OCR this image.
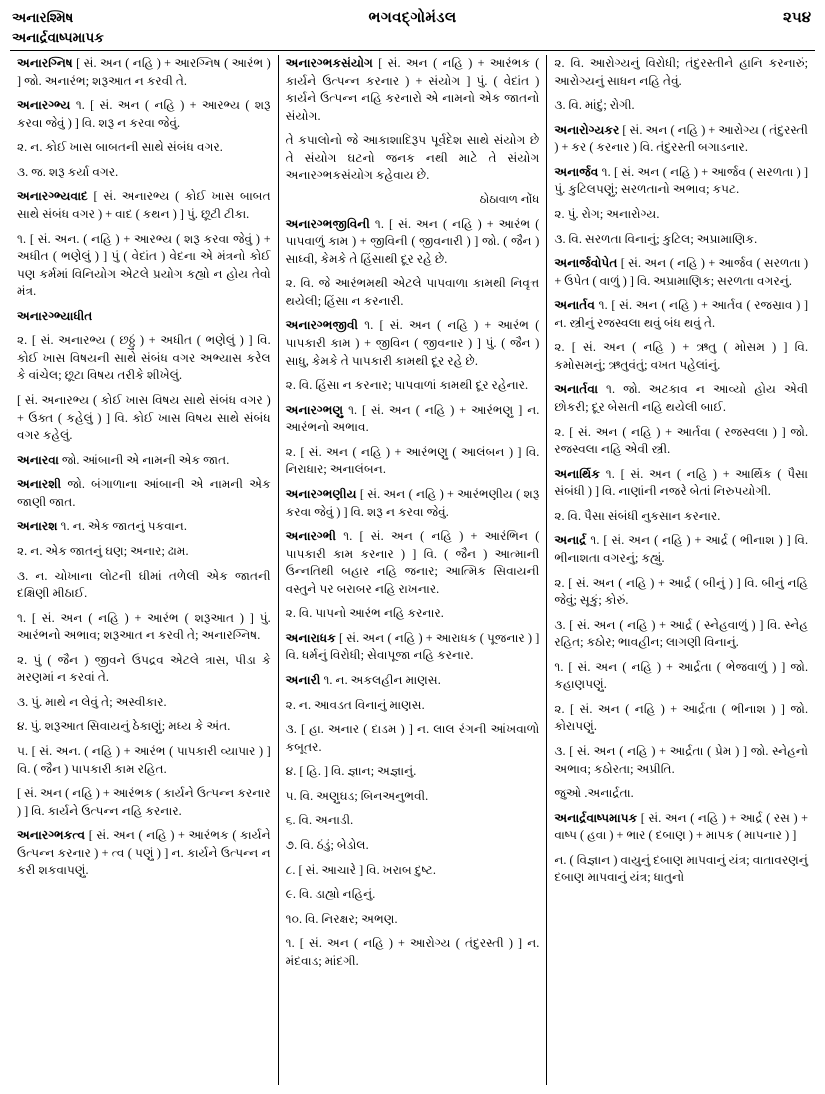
અનારશ્મિષ
અનાર્દ્રવાષ્પમાપક
ભગવદ્ગોમંડલ	૨૫૪
અનારગ્નિષ [ સં. અન ( નહિ ) + આરગ્નિષ ( આરંભ ) ] જો. અનારંભ; શરૂઆત ન કરવી તે.
અનારગ્ભ્ય ૧. [ સં. અન ( નહિ ) + આરભ્ય ( શરૂ કરવા જેવું ) ] વિ. શરૂ ન કરવા જેવું.
૨. ન. કોઈ ખાસ બાબતની સાથે સંબંધ વગર.
૩. જ. શરૂ કર્યા વગર.
અનારગ્ભ્યવાદ [ સં. અનારભ્ય ( કોઈ ખાસ બાબત સાથે સંબંધ વગર ) + વાદ ( કથન ) ] પું. છૂટી ટીકા.
૧. [ સં. અન. ( નહિ ) + આરભ્ય ( શરૂ કરવા જેવું ) + અધીત ( ભણેલું ) ] પું ( વેદાંત ) વેદના એ મંત્રનો કોઈ પણ કર્મમાં વિનિયોગ એટલે પ્રયોગ કહ્યો ન હોય તેવો મંત્ર.
અનારગ્ભ્યાધીત
૨. [ સં. અનારભ્ય ( છઠ્ઠું ) + અધીત ( ભણેલું ) ] વિ. કોઈ ખાસ વિષયની સાથે સંબંધ વગર અભ્યાસ કરેલ કે વાંચેલ; છૂટા વિષય તરીકે શીખેલું.
[ સં. અનારભ્ય ( કોઈ ખાસ વિષય સાથે સંબંધ વગર ) + ઉક્ત ( કહેલું ) ] વિ. કોઈ ખાસ વિષય સાથે સંબંધ વગર કહેલું.
અનારવા જો. આંબાની એ નામની એક જાત.
અનારશી જો. બંગાળાના આંબાની એ નામની એક જાણી જાત.
અનારશ ૧. ન. એક જાતનું પકવાન.
૨. ન. એક જાતનું ઘણ; અનાર; ઢામ.
૩. ન. ચોખાના લોટની ઘીમાં તળેલી એક જાતની દક્ષિણી મીઠાઈ.
૧. [ સં. અન ( નહિ ) + આરંભ ( શરૂઆત ) ] પું. આરંભનો અભાવ; શરૂઆત ન કરવી તે; અનારગ્નિષ.
૨. પું ( જૈન ) જીવને ઉપદ્રવ એટલે ત્રાસ, પીડા કે મરણમાં ન કરવાં તે.
૩. પું. માથે ન લેવું તે; અસ્વીકાર.
૪. પું. શરૂઆત સિવાયનું ઠેકાણું; મધ્ય કે અંત.
૫. [ સં. અન. ( નહિ ) + આરંભ ( પાપકારી વ્યાપાર ) ] વિ. ( જૈન ) પાપકારી કામ રહિત.
[ સં. અન ( નહિ ) + આરંભક ( કાર્યને ઉત્પન્ન કરનાર ) ] વિ. કાર્યને ઉત્પન્ન નહિ કરનાર.
અનારગ્ભકત્વ [ સં. અન ( નહિ ) + આરંભક ( કાર્યને ઉત્પન્ન કરનાર ) + ત્વ ( પણું ) ] ન. કાર્યને ઉત્પન્ન ન કરી શકવાપણું.
અનારગ્ભકસંયોગ [ સં. અન ( નહિ ) + આરંભક ( કાર્યને ઉત્પન્ન કરનાર ) + સંયોગ ] પું. ( વેદાંત ) કાર્યને ઉત્પન્ન નહિ કરનારો એ નામનો એક જાતનો સંયોગ.
તે કપાલોનો જે આકાશાદિરૂપ પૂર્વદેશ સાથે સંયોગ છે તે સંયોગ ઘટનો જનક નથી માટે તે સંયોગ અનારગ્ભકસંયોગ કહેવાય છે.
ઠોઠાવાળ નોંધ
અનારગ્ભજીવિની ૧. [ સં. અન ( નહિ ) + આરંભ ( પાપવાળું કામ ) + જીવિની ( જીવનારી ) ] જો. ( જૈન ) સાધ્વી, કેમકે તે હિંસાથી દૂર રહે છે.
૨. વિ. જે આરંભમથી એટલે પાપવાળા કામથી નિવૃત્ત થયેલી; હિંસા ન કરનારી.
અનારગ્ભજીવી ૧. [ સં. અન ( નહિ ) + આરંભ ( પાપકારી કામ ) + જીવિન ( જીવનાર ) ] પું. ( જૈન ) સાધુ, કેમકે તે પાપકારી કામથી દૂર રહે છે.
૨. વિ. હિંસા ન કરનાર; પાપવાળાં કામથી દૂર રહેનાર.
અનારગ્ભણુ ૧. [ સં. અન ( નહિ ) + આરંભણુ ] ન. આરંભનો અભાવ.
૨. [ સં. અન ( નહિ ) + આરંભણુ ( આલંબન ) ] વિ. નિરાધાર; અનાલંબન.
અનારગ્ભણીય [ સં. અન ( નહિ ) + આરંભણીય ( શરૂ કરવા જેવું ) ] વિ. શરૂ ન કરવા જેવું.
અનારગ્ભી ૧. [ સં. અન ( નહિ ) + આરંભિન ( પાપકારી કામ કરનાર ) ] વિ. ( જૈન ) આત્માની ઉન્નતિથી બહાર નહિ જનાર; આત્મિક સિવાયની વસ્તુને પર બરાબર નહિ રાખનાર.
૨. વિ. પાપનો આરંભ નહિ કરનાર.
અનારાધક [ સં. અન ( નહિ ) + આરાધક ( પૂજનાર ) ] વિ. ધર્મનું વિરોધી; સેવાપૂજા નહિ કરનાર.
અનારી ૧. ન. અકલહીન માણસ.
૨. ન. આવડત વિનાનું માણસ.
૩. [ હા. અનાર ( દાડમ ) ] ન. લાલ રંગની આંખવાળો કબૂતર.
૪. [ હિ. ] વિ. જ્ઞાન; અજ્ઞાનું.
૫. વિ. અણુઘડ; બિનઅનુભવી.
૬. વિ. અનાડી.
૭. વિ. ઠંડું; બેડોલ.
૮. [ સં. આચારે ] વિ. ખરાબ દુષ્ટ.
૯. વિ. ડાહ્યો નહિનું.
૧૦. વિ. નિરક્ષર; અભણ.
૧. [ સં. અન ( નહિ ) + આરોગ્ય ( તંદુરસ્તી ) ] ન. મંદવાડ; માંદગી.
૨. વિ. આરોગ્યનું વિરોધી; તંદુરસ્તીને હાનિ કરનારું; આરોગ્યનું સાધન નહિ તેવું.
૩. વિ. માંદું; રોગી.
અનારોગ્યકર [ સં. અન ( નહિ ) + આરોગ્ય ( તંદુરસ્તી ) + કર ( કરનાર ) વિ. તંદુરસ્તી બગાડનાર.
અનાર્જવ ૧. [ સં. અન ( નહિ ) + આર્જવ ( સરળતા ) ] પું. કુટિલપણું; સરળતાનો અભાવ; કપટ.
૨. પું. રોગ; અનારોગ્ય.
૩. વિ. સરળતા વિનાનું; કુટિલ; અપ્રામાણિક.
અનાર્જવોપેત [ સં. અન ( નહિ ) + આર્જવ ( સરળતા ) + ઉપેત ( વાળું ) ] વિ. અપ્રામાણિક; સરળતા વગરનું.
અનાર્તવ ૧. [ સં. અન ( નહિ ) + આર્તવ ( રજસ્રાવ ) ] ન. સ્ત્રીનું રજસ્વલા થવું બંધ થવું તે.
૨. [ સં. અન ( નહિ ) + ઋતુ ( મોસમ ) ] વિ. કમોસમનું; ઋતુવંતું; વખત પહેલાંનું.
અનાર્તવા ૧. જો. અટકાવ ન આવ્યો હોય એવી છોકરી; દૂર બેસતી નહિ થયેલી બાઈ.
૨. [ સં. અન ( નહિ ) + આર્તવા ( રજસ્વલા ) ] જો. રજસ્વલા નહિ એવી સ્ત્રી.
અનાર્થિક ૧. [ સં. અન ( નહિ ) + આર્થિક ( પૈસા સંબંધી ) ] વિ. નાણાંની નજરે બેતાં નિરુપયોગી.
૨. વિ. પૈસા સંબંધી નુકસાન કરનાર.
અનાર્દ્ર ૧. [ સં. અન ( નહિ ) + આર્દ્ર ( ભીનાશ ) ] વિ. ભીનાશતા વગરનું; કહ્યું.
૨. [ સં. અન ( નહિ ) + આર્દ્ર ( બીનું ) ] વિ. બીનું નહિ જેવું; સૂકું; કોરું.
૩. [ સં. અન ( નહિ ) + આર્દ્ર ( સ્નેહવાળું ) ] વિ. સ્નેહ રહિત; કઠોર; ભાવહીન; લાગણી વિનાનું.
૧. [ સં. અન ( નહિ ) + આર્દ્રતા ( ભેજવાળું ) ] જો. કહાણપણું.
૨. [ સં. અન ( નહિ ) + આર્દ્રતા ( ભીનાશ ) ] જો. કોરાપણું.
૩. [ સં. અન ( નહિ ) + આર્દ્રતા ( પ્રેમ ) ] જો. સ્નેહનો અભાવ; કઠોરતા; અપ્રીતિ.
જુઓ .અનાર્દ્રતા.
અનાર્દ્રવાષ્પમાપક [ સં. અન ( નહિ ) + આર્દ્ર ( રસ ) + વાષ્પ ( હવા ) + ભાર ( દબાણ ) + માપક ( માપનાર ) ]
ન. ( વિજ્ઞાન ) વાયુનું દબાણ માપવાનું યંત્ર; વાતાવરણનું દબાણ માપવાનું યંત્ર; ધાતુનો
